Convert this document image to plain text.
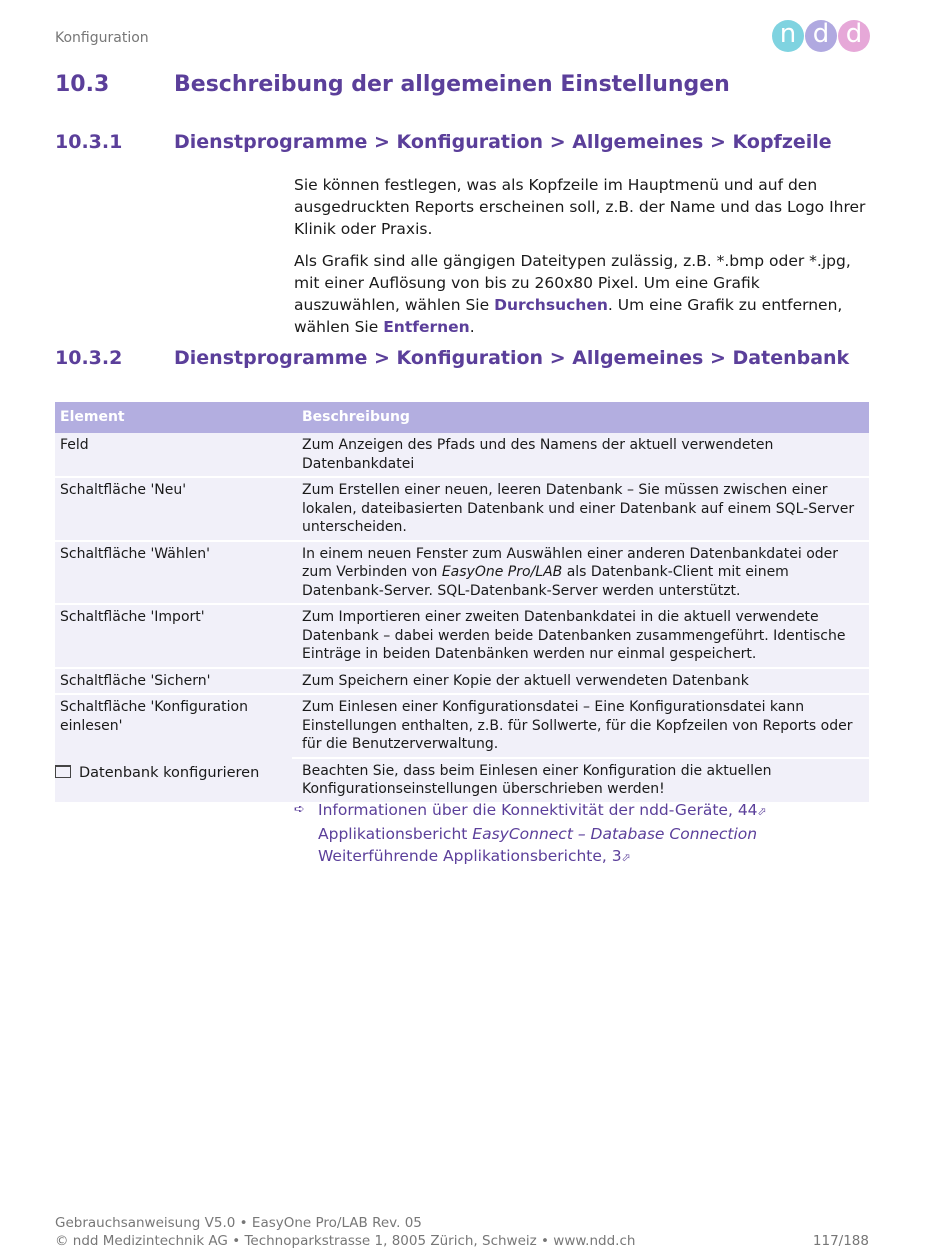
Konfiguration	n d d
10.3	Beschreibung der allgemeinen Einstellungen
10.3.1	Dienstprogramme > Konfiguration > Allgemeines > Kopfzeile
Sie können festlegen, was als Kopfzeile im Hauptmenü und auf den ausgedruckten Reports erscheinen soll, z.B. der Name und das Logo Ihrer Klinik oder Praxis.
Als Grafik sind alle gängigen Dateitypen zulässig, z.B. *.bmp oder *.jpg, mit einer Auflösung von bis zu 260x80 Pixel. Um eine Grafik auszuwählen, wählen Sie Durchsuchen. Um eine Grafik zu entfernen, wählen Sie Entfernen.
10.3.2	Dienstprogramme > Konfiguration > Allgemeines > Datenbank
Element	Beschreibung
Feld	Zum Anzeigen des Pfads und des Namens der aktuell verwendeten Datenbankdatei
Schaltfläche 'Neu'	Zum Erstellen einer neuen, leeren Datenbank – Sie müssen zwischen einer lokalen, dateibasierten Datenbank und einer Datenbank auf einem SQL-Server unterscheiden.
Schaltfläche 'Wählen'	In einem neuen Fenster zum Auswählen einer anderen Datenbankdatei oder zum Verbinden von EasyOne Pro/LAB als Datenbank-Client mit einem Datenbank-Server. SQL-Datenbank-Server werden unterstützt.
Schaltfläche 'Import'	Zum Importieren einer zweiten Datenbankdatei in die aktuell verwendete Datenbank – dabei werden beide Datenbanken zusammengeführt. Identische Einträge in beiden Datenbänken werden nur einmal gespeichert.
Schaltfläche 'Sichern'	Zum Speichern einer Kopie der aktuell verwendeten Datenbank
Schaltfläche 'Konfiguration einlesen'	Zum Einlesen einer Konfigurationsdatei – Eine Konfigurationsdatei kann Einstellungen enthalten, z.B. für Sollwerte, für die Kopfzeilen von Reports oder für die Benutzerverwaltung.
	Beachten Sie, dass beim Einlesen einer Konfiguration die aktuellen Konfigurationseinstellungen überschrieben werden!
Datenbank konfigurieren
➪ Informationen über die Konnektivität der ndd-Geräte, 44⬀
Applikationsbericht EasyConnect – Database Connection
Weiterführende Applikationsberichte, 3⬀
Gebrauchsanweisung V5.0 • EasyOne Pro/LAB Rev. 05
© ndd Medizintechnik AG • Technoparkstrasse 1, 8005 Zürich, Schweiz • www.ndd.ch	117/188
